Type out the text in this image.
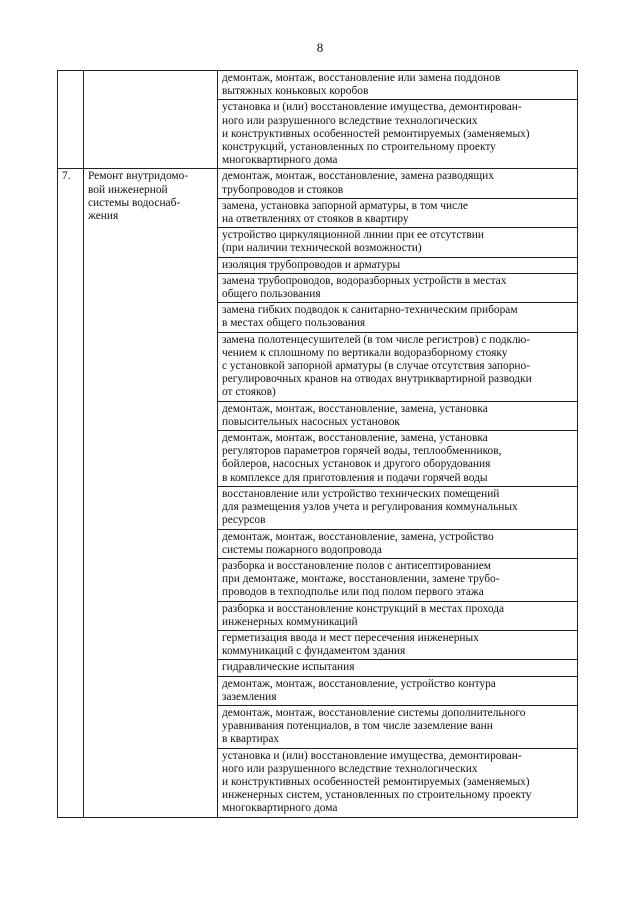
8

		демонтаж, монтаж, восстановление или замена поддонов
вытяжных коньковых коробов

		установка и (или) восстановление имущества, демонтирован-
ного или разрушенного вследствие технологических
и конструктивных особенностей ремонтируемых (заменяемых)
конструкций, установленных по строительному проекту
многоквартирного дома

7.	Ремонт внутридомо-
вой инженерной
системы водоснаб-
жения	демонтаж, монтаж, восстановление, замена разводящих
трубопроводов и стояков

		замена, установка запорной арматуры, в том числе
на ответвлениях от стояков в квартиру

		устройство циркуляционной линии при ее отсутствии
(при наличии технической возможности)

		изоляция трубопроводов и арматуры

		замена трубопроводов, водоразборных устройств в местах
общего пользования

		замена гибких подводок к санитарно-техническим приборам
в местах общего пользования

		замена полотенцесушителей (в том числе регистров) с подклю-
чением к сплошному по вертикали водоразборному стояку
с установкой запорной арматуры (в случае отсутствия запорно-
регулировочных кранов на отводах внутриквартирной разводки
от стояков)

		демонтаж, монтаж, восстановление, замена, установка
повысительных насосных установок

		демонтаж, монтаж, восстановление, замена, установка
регуляторов параметров горячей воды, теплообменников,
бойлеров, насосных установок и другого оборудования
в комплексе для приготовления и подачи горячей воды

		восстановление или устройство технических помещений
для размещения узлов учета и регулирования коммунальных
ресурсов

		демонтаж, монтаж, восстановление, замена, устройство
системы пожарного водопровода

		разборка и восстановление полов с антисептированием
при демонтаже, монтаже, восстановлении, замене трубо-
проводов в техподполье или под полом первого этажа

		разборка и восстановление конструкций в местах прохода
инженерных коммуникаций

		герметизация ввода и мест пересечения инженерных
коммуникаций с фундаментом здания

		гидравлические испытания

		демонтаж, монтаж, восстановление, устройство контура
заземления

		демонтаж, монтаж, восстановление системы дополнительного
уравнивания потенциалов, в том числе заземление ванн
в квартирах

		установка и (или) восстановление имущества, демонтирован-
ного или разрушенного вследствие технологических
и конструктивных особенностей ремонтируемых (заменяемых)
инженерных систем, установленных по строительному проекту
многоквартирного дома
